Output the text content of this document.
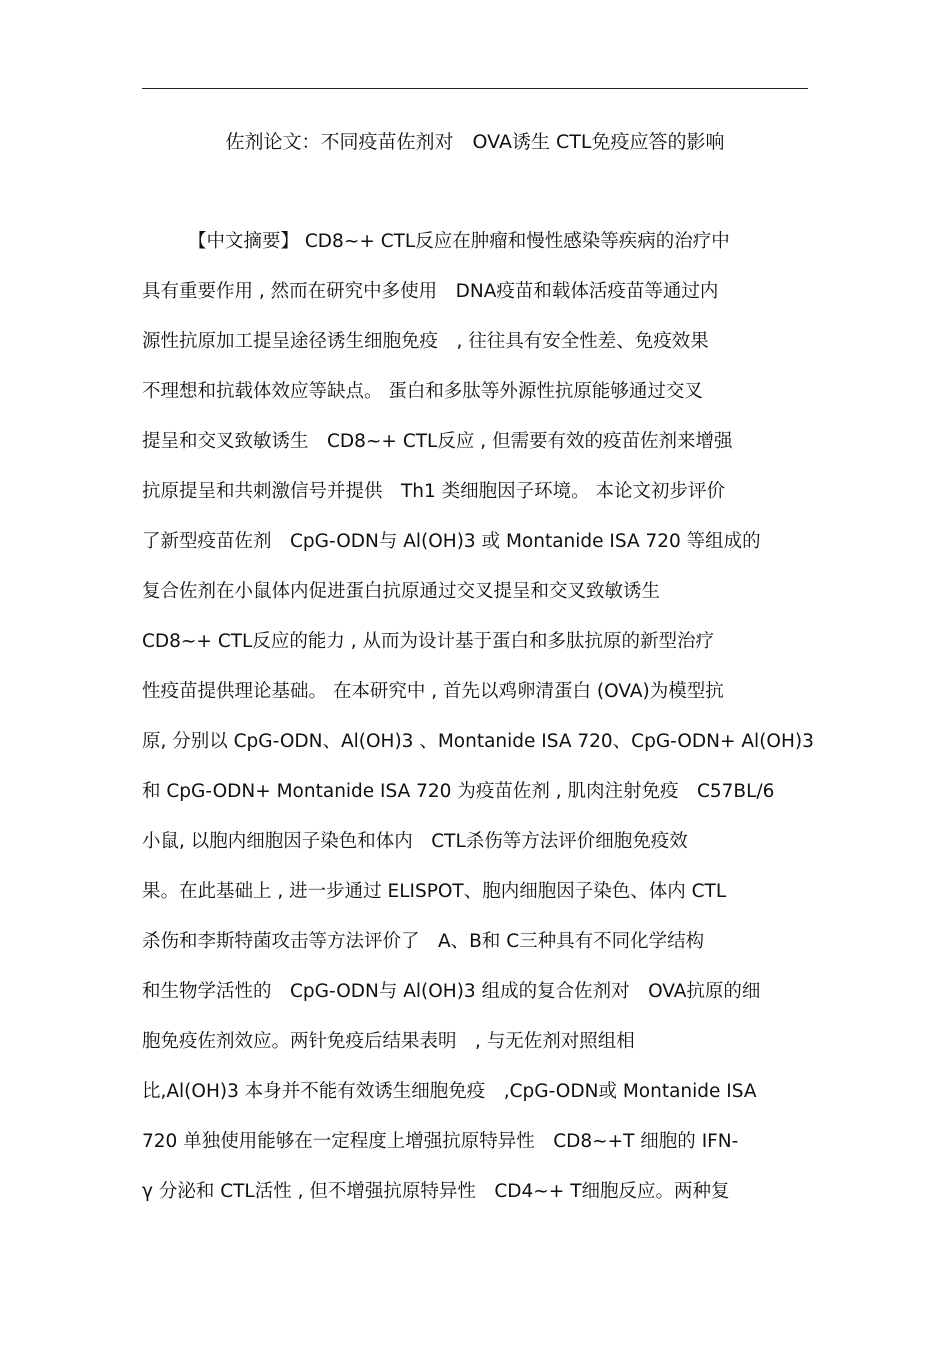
佐剂论文：不同疫苗佐剂对　OVA诱生 CTL免疫应答的影响
【中文摘要】 CD8~+ CTL反应在肿瘤和慢性感染等疾病的治疗中
具有重要作用 , 然而在研究中多使用　DNA疫苗和载体活疫苗等通过内
源性抗原加工提呈途径诱生细胞免疫　, 往往具有安全性差、免疫效果
不理想和抗载体效应等缺点。 蛋白和多肽等外源性抗原能够通过交叉
提呈和交叉致敏诱生　CD8~+ CTL反应 , 但需要有效的疫苗佐剂来增强
抗原提呈和共刺激信号并提供　Th1 类细胞因子环境。 本论文初步评价
了新型疫苗佐剂　CpG-ODN与 Al(OH)3 或 Montanide ISA 720 等组成的
复合佐剂在小鼠体内促进蛋白抗原通过交叉提呈和交叉致敏诱生
CD8~+ CTL反应的能力 , 从而为设计基于蛋白和多肽抗原的新型治疗
性疫苗提供理论基础。 在本研究中 , 首先以鸡卵清蛋白 (OVA)为模型抗
原, 分别以 CpG-ODN、Al(OH)3 、Montanide ISA 720、CpG-ODN+ Al(OH)3
和 CpG-ODN+ Montanide ISA 720 为疫苗佐剂 , 肌肉注射免疫　C57BL/6
小鼠, 以胞内细胞因子染色和体内　CTL杀伤等方法评价细胞免疫效
果。在此基础上 , 进一步通过 ELISPOT、胞内细胞因子染色、体内 CTL
杀伤和李斯特菌攻击等方法评价了　A、B和 C三种具有不同化学结构
和生物学活性的　CpG-ODN与 Al(OH)3 组成的复合佐剂对　OVA抗原的细
胞免疫佐剂效应。两针免疫后结果表明　, 与无佐剂对照组相
比,Al(OH)3 本身并不能有效诱生细胞免疫　,CpG-ODN或 Montanide ISA
720 单独使用能够在一定程度上增强抗原特异性　CD8~+T 细胞的 IFN-
γ 分泌和 CTL活性 , 但不增强抗原特异性　CD4~+ T细胞反应。两种复
